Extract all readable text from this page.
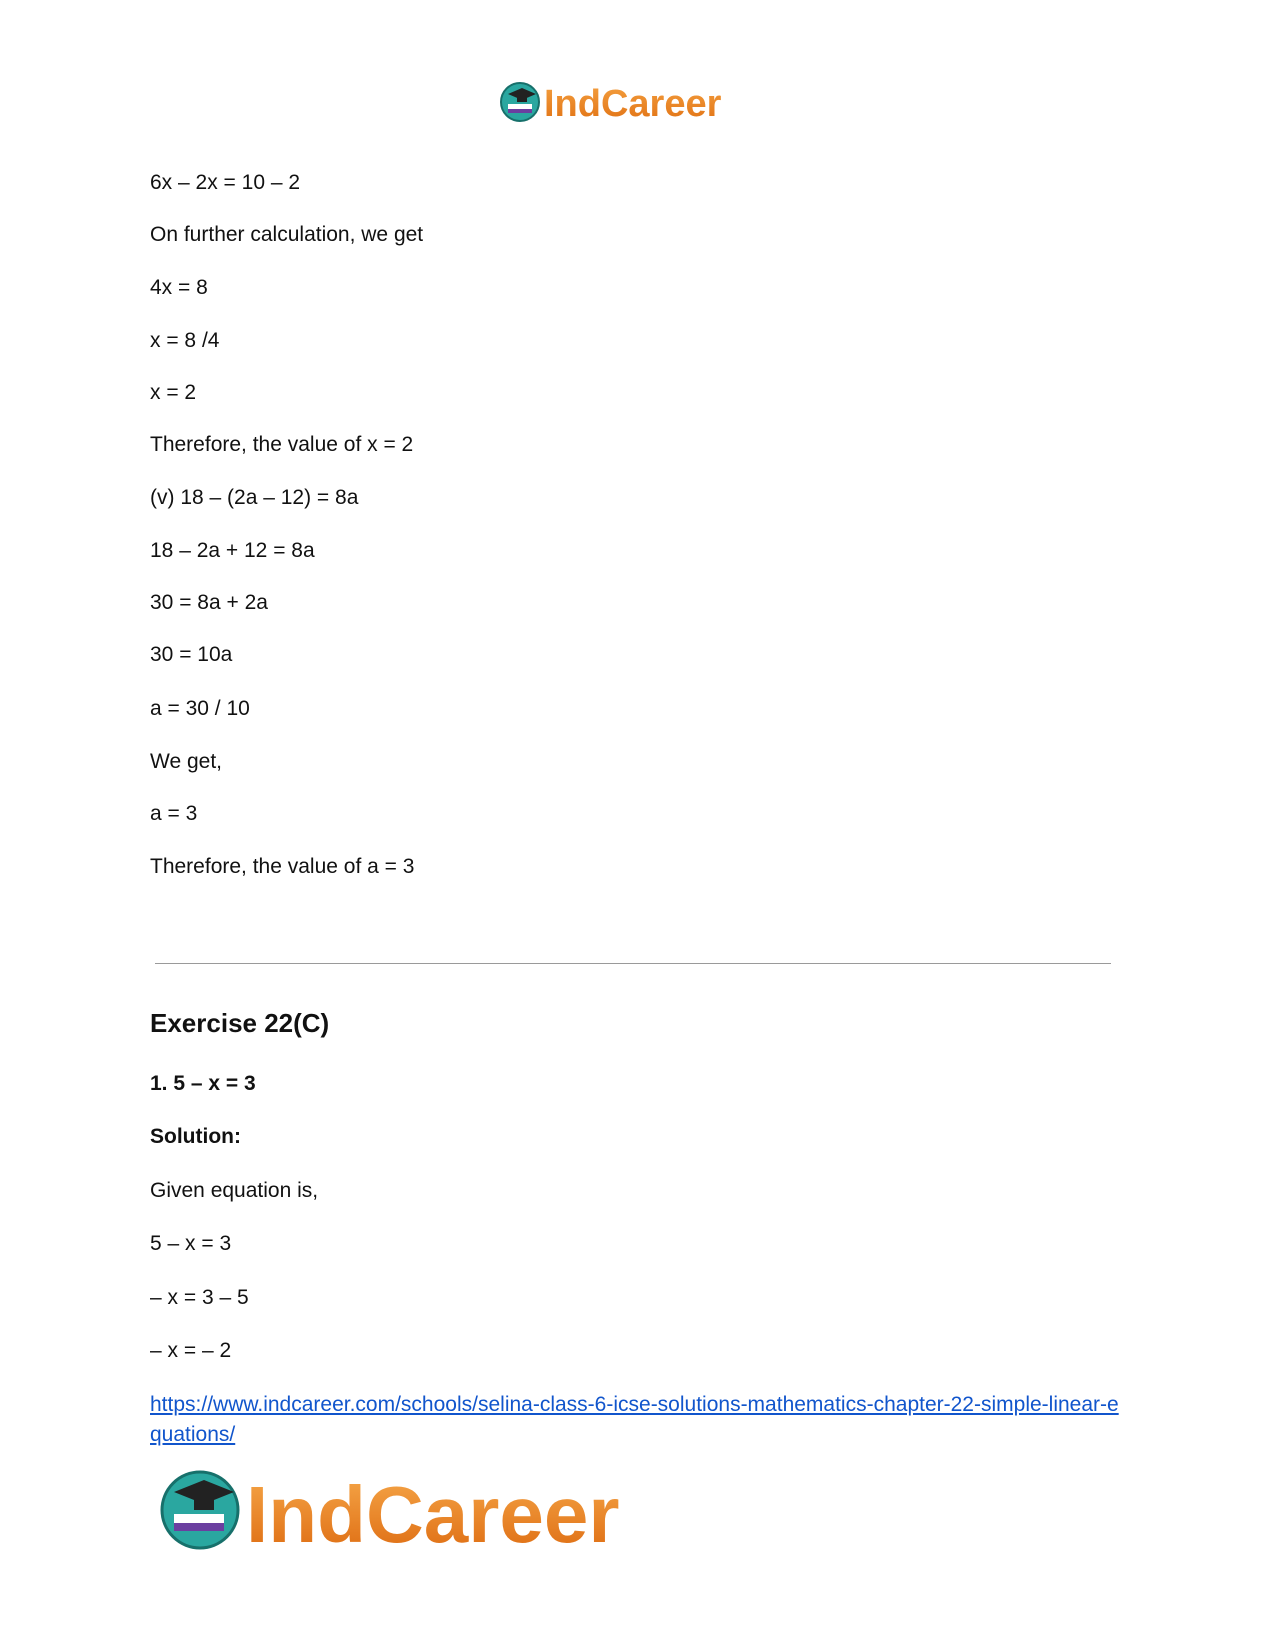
IndCareer

6x – 2x = 10 – 2

On further calculation, we get

4x = 8

x = 8 /4

x = 2

Therefore, the value of x = 2

(v) 18 – (2a – 12) = 8a

18 – 2a + 12 = 8a

30 = 8a + 2a

30 = 10a

a = 30 / 10

We get,

a = 3

Therefore, the value of a = 3

Exercise 22(C)

1. 5 – x = 3

Solution:

Given equation is,

5 – x = 3

– x = 3 – 5

– x = – 2

https://www.indcareer.com/schools/selina-class-6-icse-solutions-mathematics-chapter-22-simple-linear-equations/

IndCareer
